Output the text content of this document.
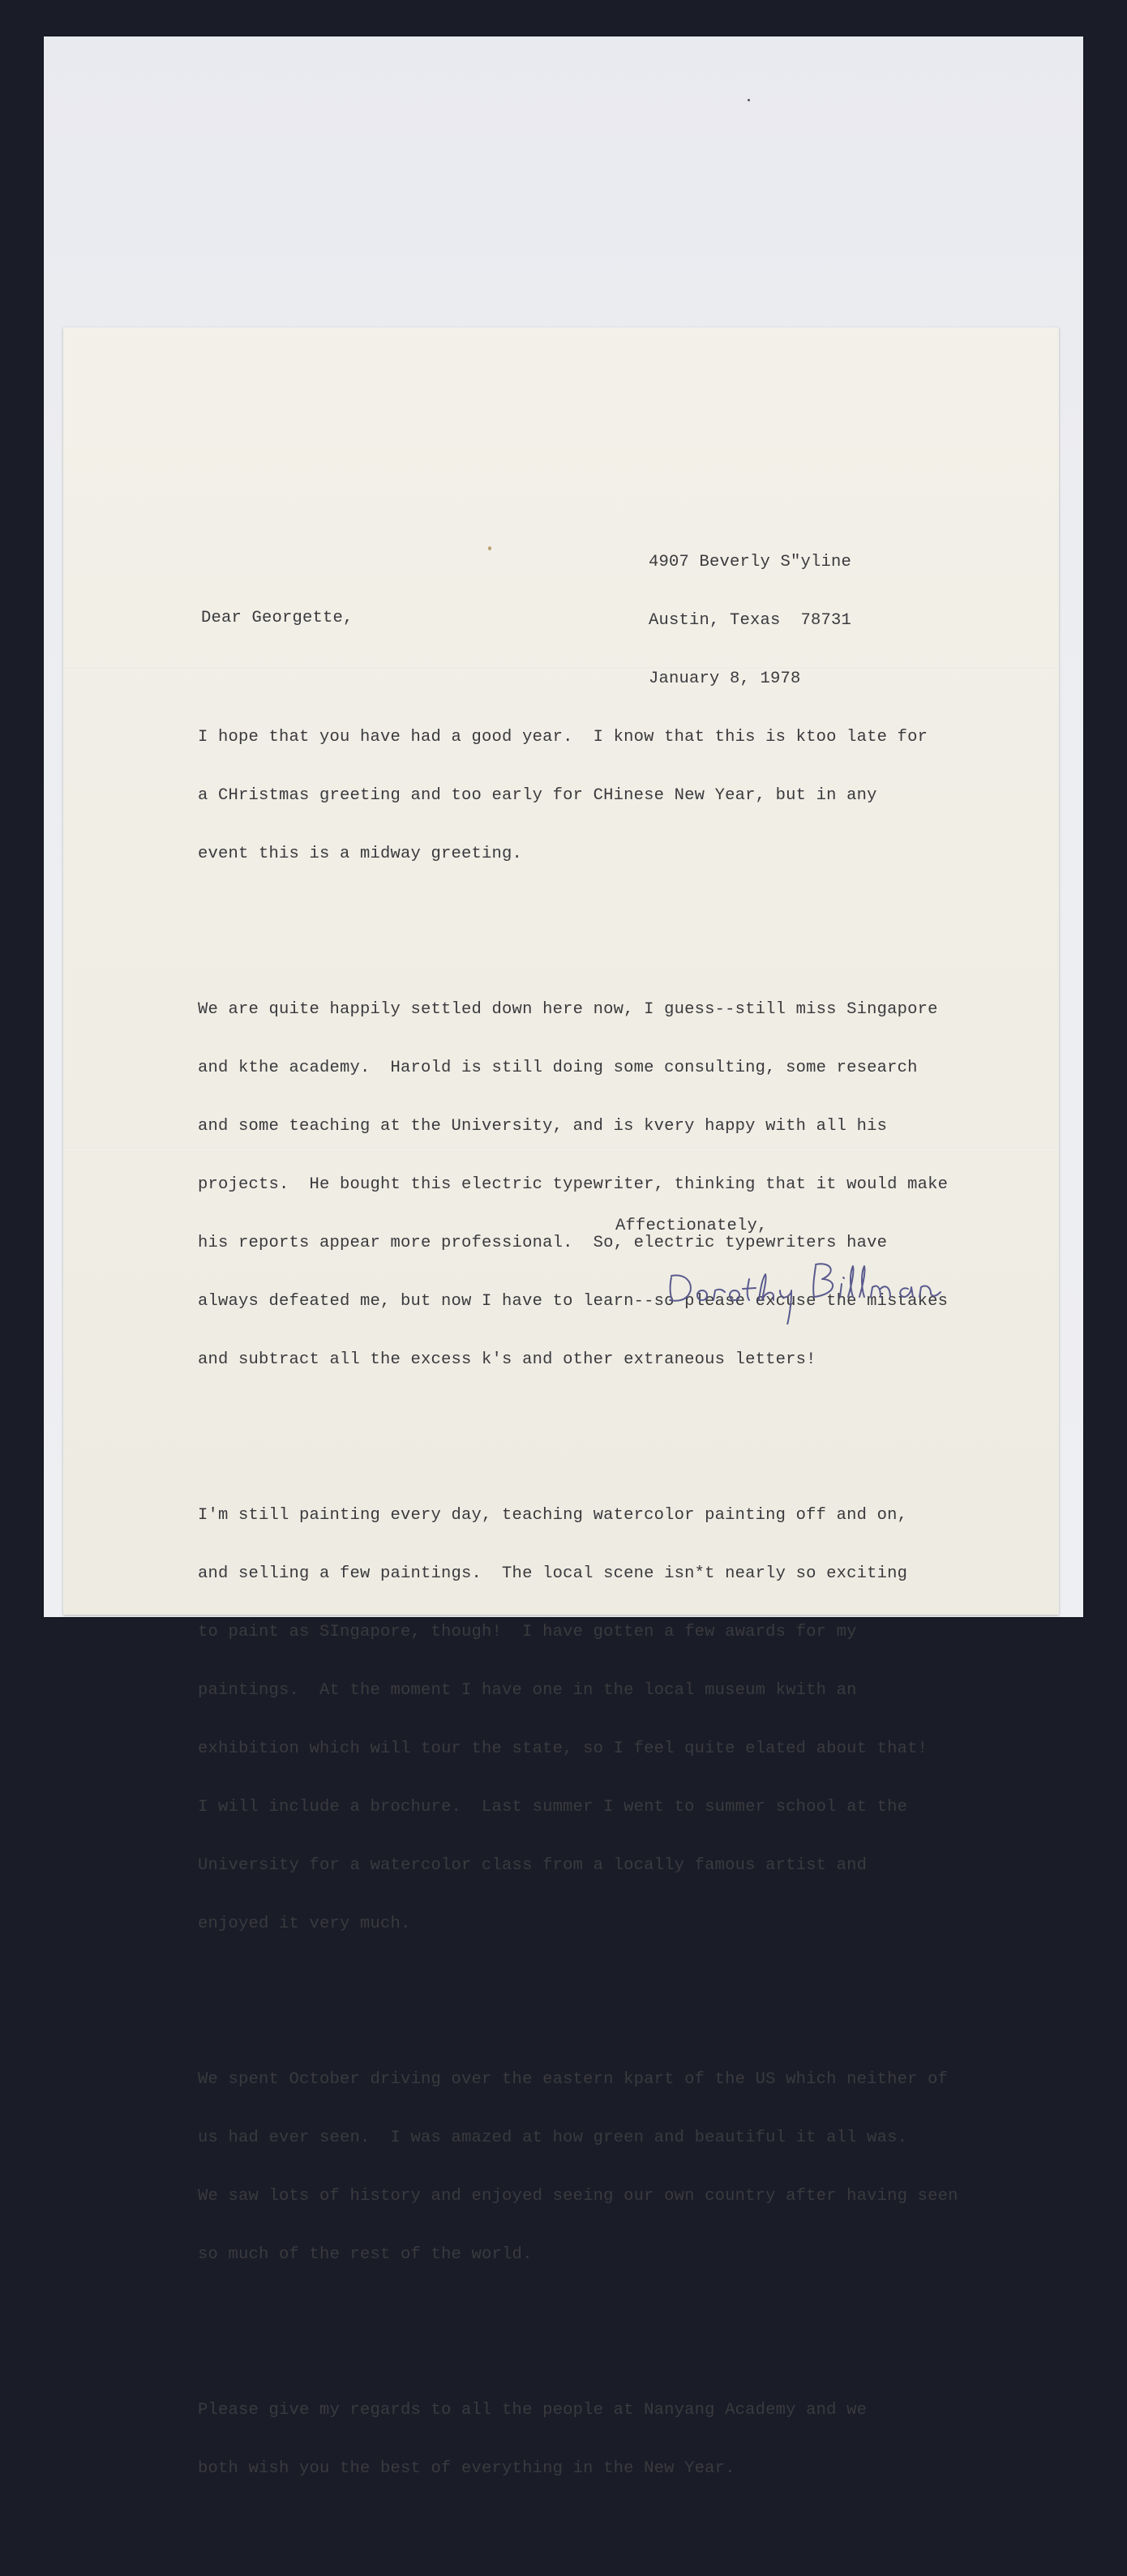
4907 Beverly S"yline

Austin, Texas  78731

January 8, 1978

Dear Georgette,

I hope that you have had a good year.  I know that this is ktoo late for

a CHristmas greeting and too early for CHinese New Year, but in any

event this is a midway greeting.

We are quite happily settled down here now, I guess--still miss Singapore

and kthe academy.  Harold is still doing some consulting, some research

and some teaching at the University, and is kvery happy with all his

projects.  He bought this electric typewriter, thinking that it would make

his reports appear more professional.  So, electric typewriters have

always defeated me, but now I have to learn--so please excuse the mistakes

and subtract all the excess k's and other extraneous letters!

I'm still painting every day, teaching watercolor painting off and on,

and selling a few paintings.  The local scene isn*t nearly so exciting

to paint as SIngapore, though!  I have gotten a few awards for my

paintings.  At the moment I have one in the local museum kwith an

exhibition which will tour the state, so I feel quite elated about that!

I will include a brochure.  Last summer I went to summer school at the

University for a watercolor class from a locally famous artist and

enjoyed it very much.

We spent October driving over the eastern kpart of the US which neither of

us had ever seen.  I was amazed at how green and beautiful it all was.

We saw lots of history and enjoyed seeing our own country after having seen

so much of the rest of the world.

Please give my regards to all the people at Nanyang Academy and we

both wish you the best of everything in the New Year.

Affectionately,
